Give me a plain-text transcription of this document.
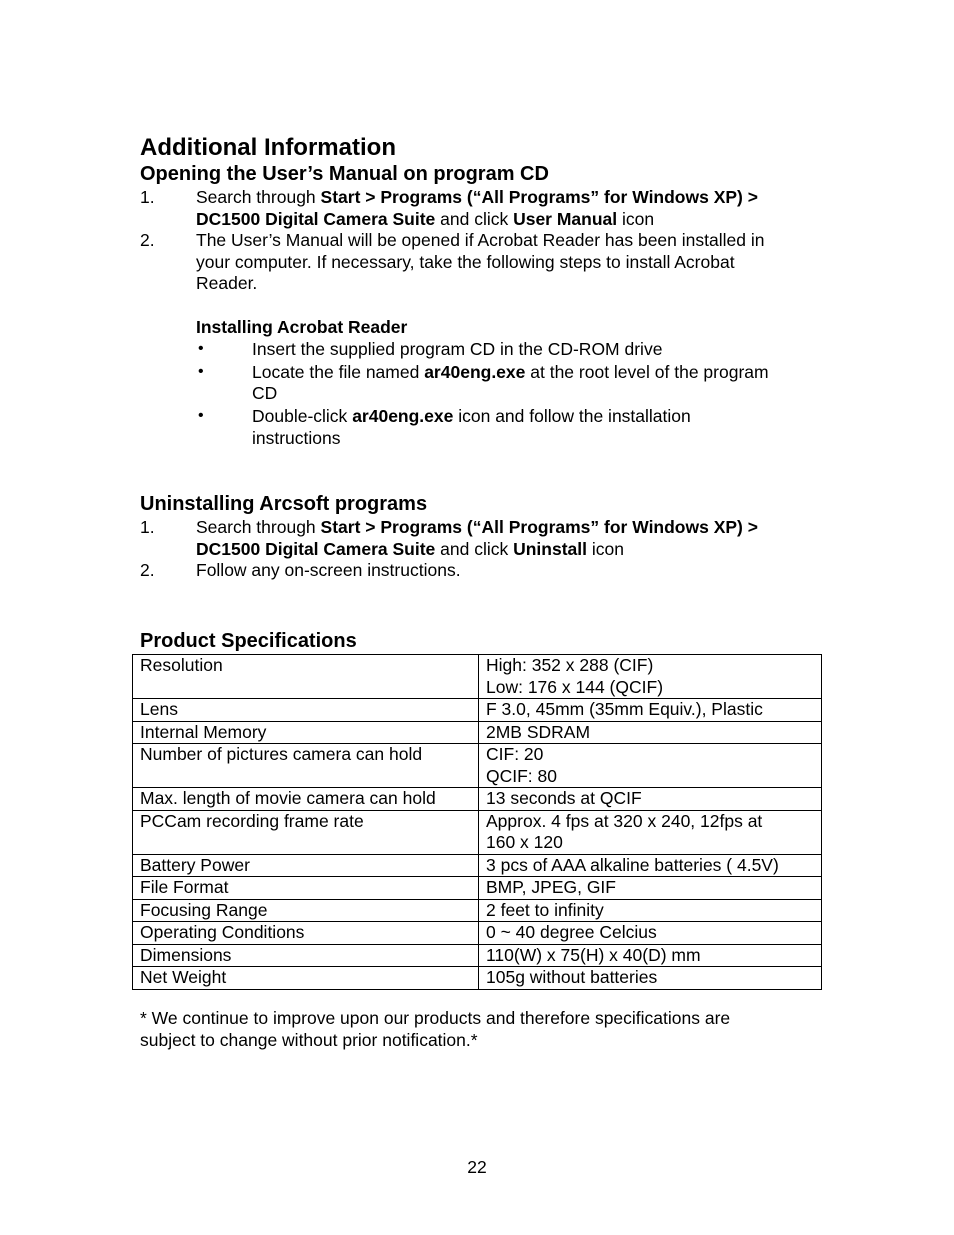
Additional Information
Opening the User’s Manual on program CD
1. Search through Start > Programs (“All Programs” for Windows XP) >
DC1500 Digital Camera Suite and click User Manual icon
2. The User’s Manual will be opened if Acrobat Reader has been installed in
your computer. If necessary, take the following steps to install Acrobat
Reader.
Installing Acrobat Reader
•	Insert the supplied program CD in the CD-ROM drive
•	Locate the file named ar40eng.exe at the root level of the program
CD
•	Double-click ar40eng.exe icon and follow the installation
instructions
Uninstalling Arcsoft programs
1. Search through Start > Programs (“All Programs” for Windows XP) >
DC1500 Digital Camera Suite and click Uninstall icon
2. Follow any on-screen instructions.
Product Specifications
Resolution	High: 352 x 288 (CIF)
Low: 176 x 144 (QCIF)

Lens	F 3.0, 45mm (35mm Equiv.), Plastic

Internal Memory	2MB SDRAM

Number of pictures camera can hold	CIF: 20
QCIF: 80

Max. length of movie camera can hold	13 seconds at QCIF

PCCam recording frame rate	Approx. 4 fps at 320 x 240, 12fps at
160 x 120

Battery Power	3 pcs of AAA alkaline batteries ( 4.5V)

File Format	BMP, JPEG, GIF

Focusing Range	2 feet to infinity

Operating Conditions	0 ~ 40 degree Celcius

Dimensions	110(W) x 75(H) x 40(D) mm

Net Weight	105g without batteries
* We continue to improve upon our products and therefore specifications are
subject to change without prior notification.*
22
